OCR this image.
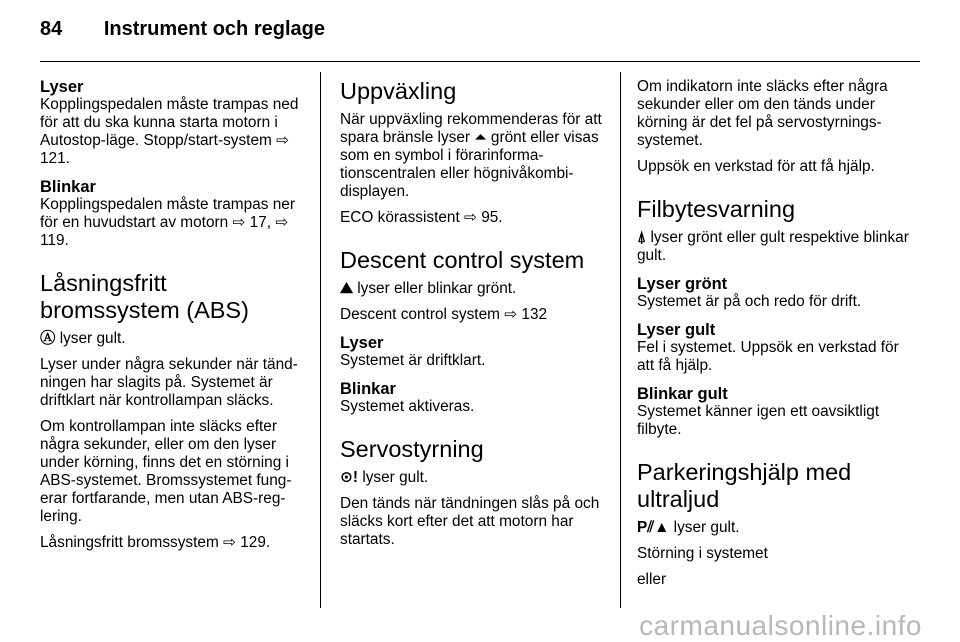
84 Instrument och reglage
Lyser

Kopplingspedalen måste trampas ned för att du ska kunna starta motorn i Autostop-läge. Stopp/start-system ⇨ 121.

Blinkar

Kopplingspedalen måste trampas ner för en huvudstart av motorn ⇨ 17, ⇨ 119.

Låsningsfritt bromssystem (ABS)

Ⓐ lyser gult.

Lyser under några sekunder när tänd-ningen har slagits på. Systemet är driftklart när kontrollampan släcks.

Om kontrollampan inte släcks efter några sekunder, eller om den lyser under körning, finns det en störning i ABS-systemet. Bromssystemet fung-erar fortfarande, men utan ABS-reg-lering.

Låsningsfritt bromssystem ⇨ 129.

Uppväxling

När uppväxling rekommenderas för att spara bränsle lyser ⏶ grönt eller visas som en symbol i förarinforma-tionscentralen eller högnivåkombi-displayen.

ECO körassistent ⇨ 95.

Descent control system

⛰ lyser eller blinkar grönt.

Descent control system ⇨ 132

Lyser

Systemet är driftklart.

Blinkar

Systemet aktiveras.

Servostyrning

⊙! lyser gult.

Den tänds när tändningen slås på och släcks kort efter det att motorn har startats.

Om indikatorn inte släcks efter några sekunder eller om den tänds under körning är det fel på servostyrnings-systemet.

Uppsök en verkstad för att få hjälp.

Filbytesvarning

⍋ lyser grönt eller gult respektive blinkar gult.

Lyser grönt

Systemet är på och redo för drift.

Lyser gult

Fel i systemet. Uppsök en verkstad för att få hjälp.

Blinkar gult

Systemet känner igen ett oavsiktligt filbyte.

Parkeringshjälp med ultraljud

P⫽▲ lyser gult.

Störning i systemet

eller

carmanualsonline.info
